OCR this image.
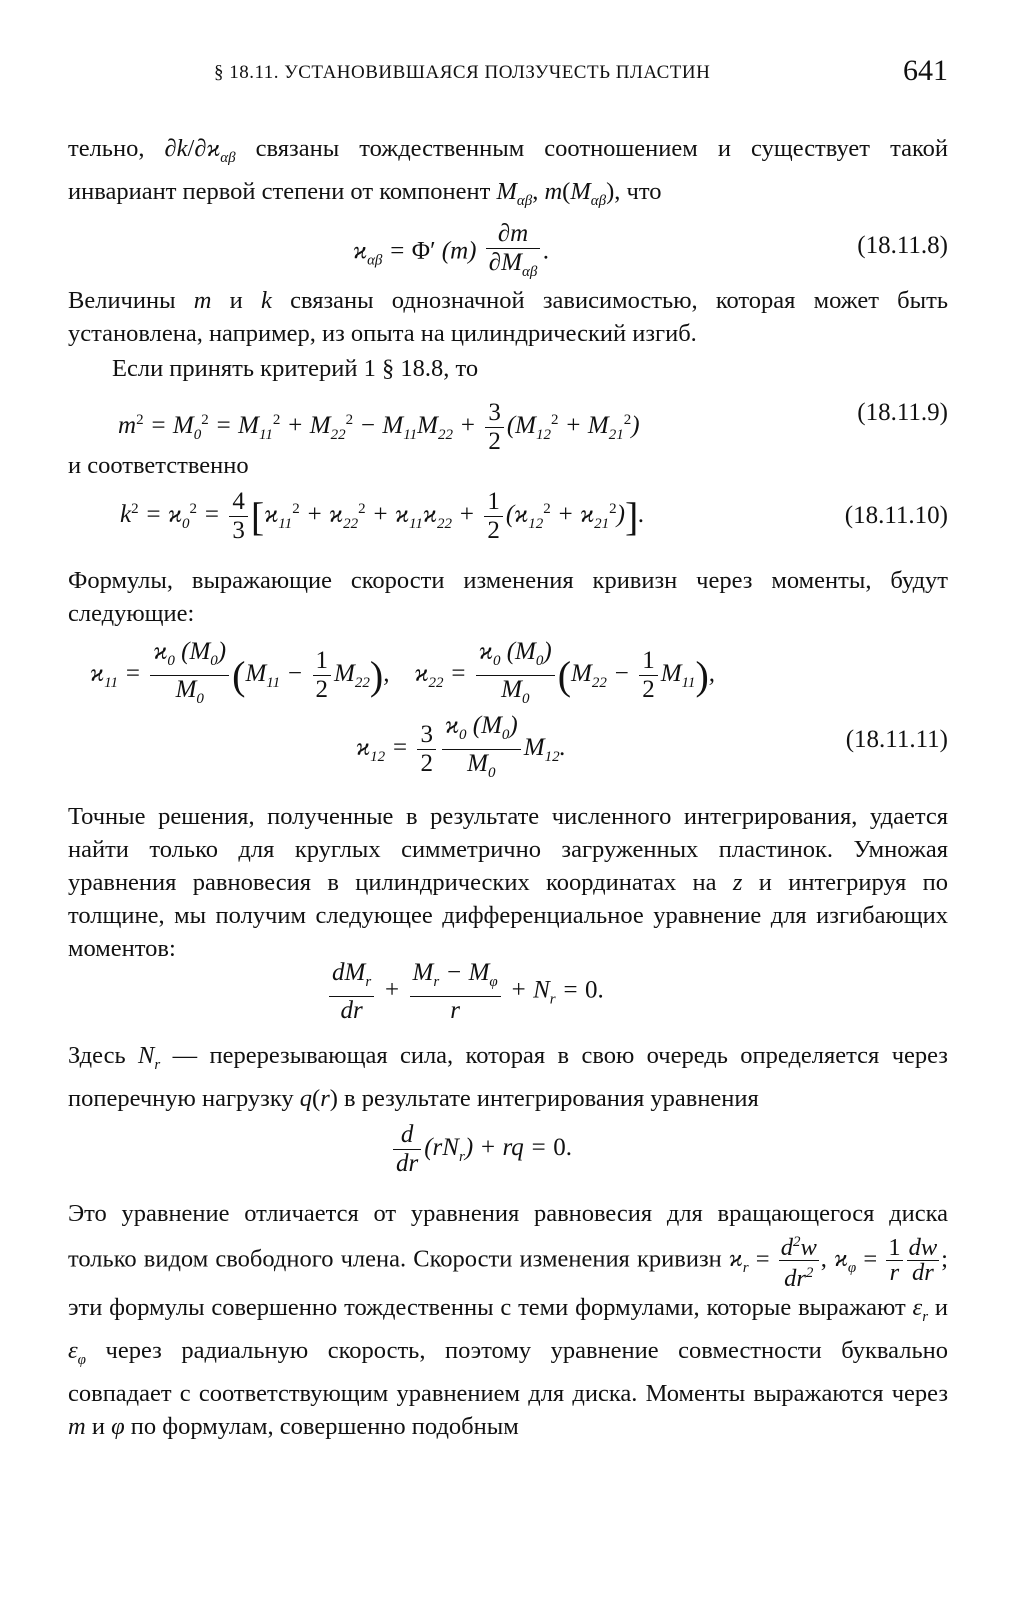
§ 18.11. УСТАНОВИВШАЯСЯ ПОЛЗУЧЕСТЬ ПЛАСТИН	641

тельно, $\partial k/\partial ϰ_{\alpha\beta}$ связаны тождественным соотношением и существует такой инвариант первой степени от компонент $M_{\alpha\beta}$, $m(M_{\alpha\beta})$, что

$ϰ_{\alpha\beta} = \Phi'$ $(m) \frac{\partial m}{\partial M_{\alpha\beta}}$ .	(18.11.8)

Величины m и k связаны однозначной зависимостью, которая может быть установлена, например, из опыта на цилиндрический изгиб.

Если принять критерий 1 § 18.8, то

$m^2 = M_0^2 = M_{11}^2 + M_{22}^2 - M_{11}M_{22} + \frac{3}{2} (M_{12}^2 + M_{21}^2)$	(18.11.9)

и соответственно

$k^2 = ϰ_0^2 = \frac{4}{3} [ϰ_{11}^2 + ϰ_{22}^2 + ϰ_{11}ϰ_{22} + \frac{1}{2} (ϰ_{12}^2 + ϰ_{21}^2)]$.	(18.11.10)

Формулы, выражающие скорости изменения кривизн через моменты, будут следующие:

$ϰ_{11} = \frac{ϰ_0 (M_0)}{M_0} (M_{11} - \frac{1}{2} M_{22})$,    $ϰ_{22} = \frac{ϰ_0 (M_0)}{M_0} (M_{22} - \frac{1}{2} M_{11})$,
$ϰ_{12} = \frac{3}{2} \frac{ϰ_0 (M_0)}{M_0} M_{12}$.	(18.11.11)

Точные решения, полученные в результате численного интегрирования, удается найти только для круглых симметрично загруженных пластинок. Умножая уравнения равновесия в цилиндрических координатах на z и интегрируя по толщине, мы получим следующее дифференциальное уравнение для изгибающих моментов:

$\frac{dM_r}{dr} + \frac{M_r - M_\varphi}{r} + N_r = 0$.

Здесь $N_r$ — перерезывающая сила, которая в свою очередь определяется через поперечную нагрузку q(r) в результате интегрирования уравнения

$\frac{d}{dr} (rN_r)$ + rq = 0.

Это уравнение отличается от уравнения равновесия для вращающегося диска только видом свободного члена. Скорости изменения кривизн $ϰ_r = \frac{d^2w}{dr^2}$ , $ϰ_\varphi = \frac{1}{r} \frac{dw}{dr}$ ; эти формулы совершенно тождественны с теми формулами, которые выражают $\varepsilon_r$ и $\varepsilon_\varphi$ через радиальную скорость, поэтому уравнение совместности буквально совпадает с соответствующим уравнением для диска. Моменты выражаются через m и φ по формулам, совершенно подобным
